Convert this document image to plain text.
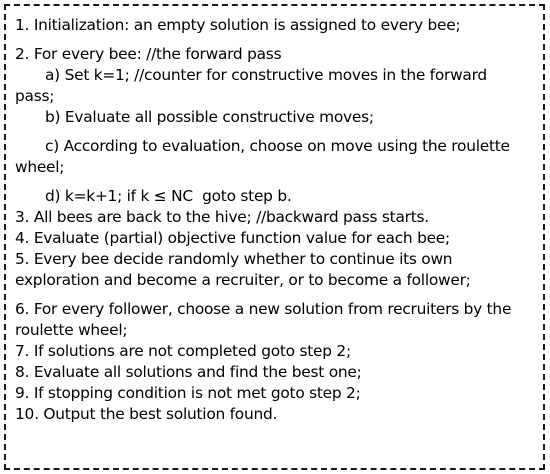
1. Initialization: an empty solution is assigned to every bee;
2. For every bee: //the forward pass
a) Set k=1; //counter for constructive moves in the forward
pass;
b) Evaluate all possible constructive moves;
c) According to evaluation, choose on move using the roulette
wheel;
d) k=k+1; if k ≤ NC  goto step b.
3. All bees are back to the hive; //backward pass starts.
4. Evaluate (partial) objective function value for each bee;
5. Every bee decide randomly whether to continue its own
exploration and become a recruiter, or to become a follower;
6. For every follower, choose a new solution from recruiters by the
roulette wheel;
7. If solutions are not completed goto step 2;
8. Evaluate all solutions and find the best one;
9. If stopping condition is not met goto step 2;
10. Output the best solution found.
